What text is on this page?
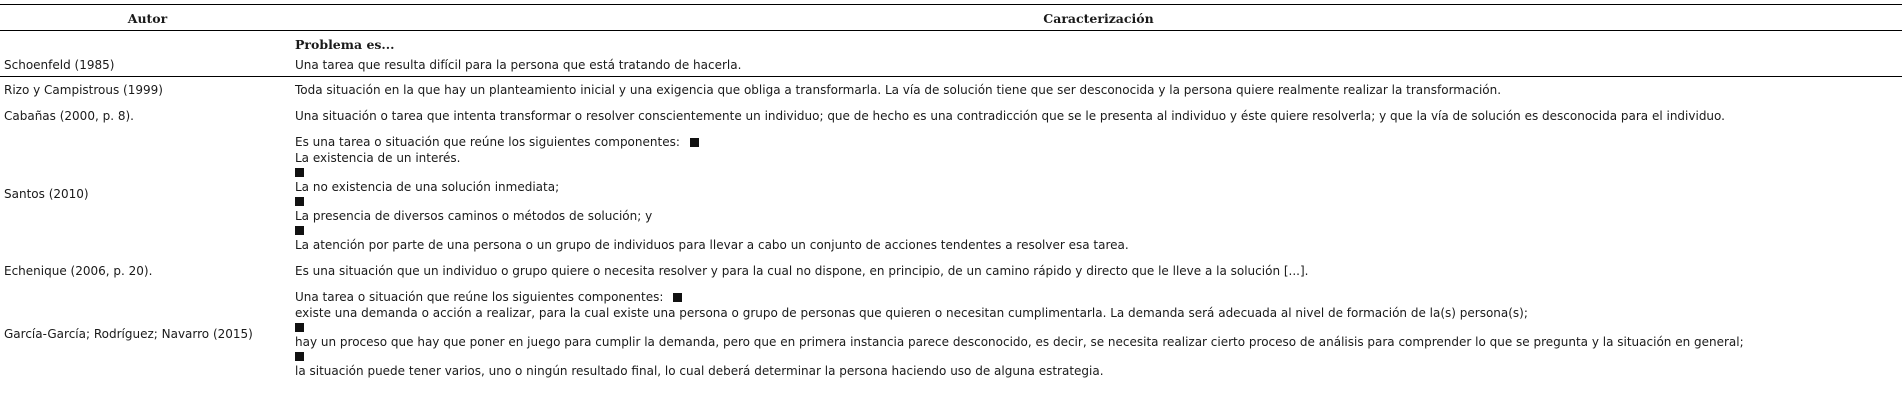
Autor	Caracterización

	Problema es...

Schoenfeld (1985)	Una tarea que resulta difícil para la persona que está tratando de hacerla.

Rizo y Campistrous (1999)	Toda situación en la que hay un planteamiento inicial y una exigencia que obliga a transformarla. La vía de solución tiene que ser desconocida y la persona quiere realmente realizar la transformación.

Cabañas (2000, p. 8).	Una situación o tarea que intenta transformar o resolver conscientemente un individuo; que de hecho es una contradicción que se le presenta al individuo y éste quiere resolverla; y que la vía de solución es desconocida para el individuo.

Santos (2010)	Es una tarea o situación que reúne los siguientes componentes:
La existencia de un interés.
La no existencia de una solución inmediata;
La presencia de diversos caminos o métodos de solución; y
La atención por parte de una persona o un grupo de individuos para llevar a cabo un conjunto de acciones tendentes a resolver esa tarea.

Echenique (2006, p. 20).	Es una situación que un individuo o grupo quiere o necesita resolver y para la cual no dispone, en principio, de un camino rápido y directo que le lleve a la solución [...].

García-García; Rodríguez; Navarro (2015)	Una tarea o situación que reúne los siguientes componentes:
existe una demanda o acción a realizar, para la cual existe una persona o grupo de personas que quieren o necesitan cumplimentarla. La demanda será adecuada al nivel de formación de la(s) persona(s);
hay un proceso que hay que poner en juego para cumplir la demanda, pero que en primera instancia parece desconocido, es decir, se necesita realizar cierto proceso de análisis para comprender lo que se pregunta y la situación en general;
la situación puede tener varios, uno o ningún resultado final, lo cual deberá determinar la persona haciendo uso de alguna estrategia.
